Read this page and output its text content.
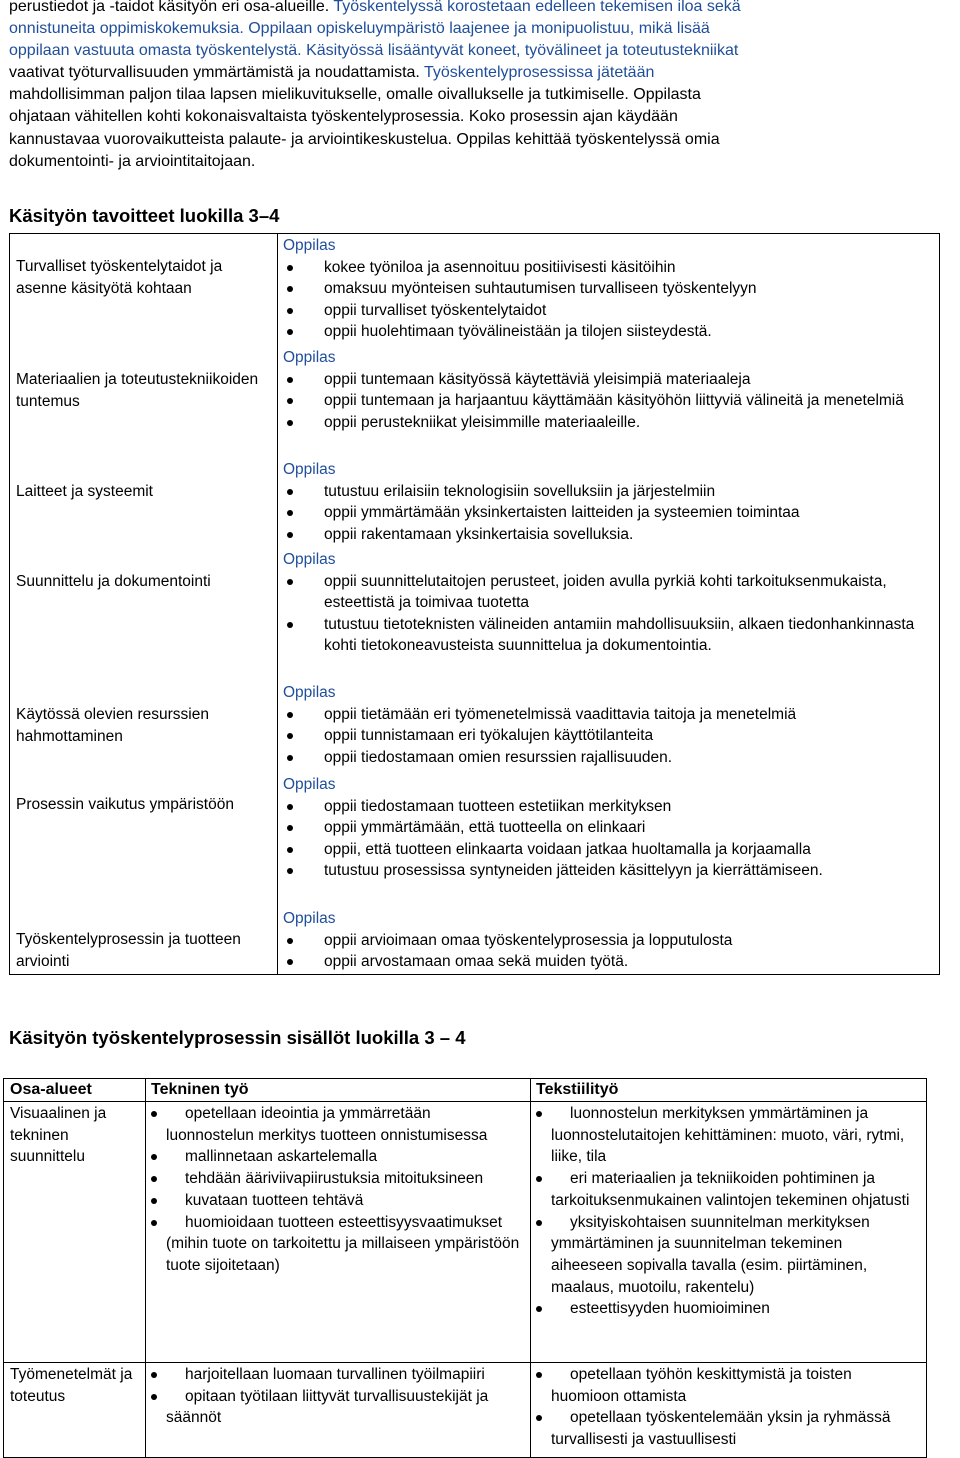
perustiedot ja -taidot käsityön eri osa-alueille. Työskentelyssä korostetaan edelleen tekemisen iloa sekä
onnistuneita oppimiskokemuksia. Oppilaan opiskeluympäristö laajenee ja monipuolistuu, mikä lisää
oppilaan vastuuta omasta työskentelystä. Käsityössä lisääntyvät koneet, työvälineet ja toteutustekniikat
vaativat työturvallisuuden ymmärtämistä ja noudattamista. Työskentelyprosessissa jätetään
mahdollisimman paljon tilaa lapsen mielikuvitukselle, omalle oivallukselle ja tutkimiselle. Oppilasta
ohjataan vähitellen kohti kokonaisvaltaista työskentelyprosessia. Koko prosessin ajan käydään
kannustavaa vuorovaikutteista palaute- ja arviointikeskustelua. Oppilas kehittää työskentelyssä omia
dokumentointi- ja arviointitaitojaan.
Käsityön tavoitteet luokilla 3–4
Turvalliset työskentelytaidot ja asenne käsityötä kohtaan
Oppilas
kokee työniloa ja asennoituu positiivisesti käsitöihin
omaksuu myönteisen suhtautumisen turvalliseen työskentelyyn
oppii turvalliset työskentelytaidot
oppii huolehtimaan työvälineistään ja tilojen siisteydestä.
Materiaalien ja toteutustekniikoiden tuntemus
Oppilas
oppii tuntemaan käsityössä käytettäviä yleisimpiä materiaaleja
oppii tuntemaan ja harjaantuu käyttämään käsityöhön liittyviä välineitä ja menetelmiä
oppii perustekniikat yleisimmille materiaaleille.
Laitteet ja systeemit
Oppilas
tutustuu erilaisiin teknologisiin sovelluksiin ja järjestelmiin
oppii ymmärtämään yksinkertaisten laitteiden ja systeemien toimintaa
oppii rakentamaan yksinkertaisia sovelluksia.
Suunnittelu ja dokumentointi
Oppilas
oppii suunnittelutaitojen perusteet, joiden avulla pyrkiä kohti tarkoituksenmukaista, esteettistä ja toimivaa tuotetta
tutustuu tietoteknisten välineiden antamiin mahdollisuuksiin, alkaen tiedonhankinnasta kohti tietokoneavusteista suunnittelua ja dokumentointia.
Käytössä olevien resurssien hahmottaminen
Oppilas
oppii tietämään eri työmenetelmissä vaadittavia taitoja ja menetelmiä
oppii tunnistamaan eri työkalujen käyttötilanteita
oppii tiedostamaan omien resurssien rajallisuuden.
Prosessin vaikutus ympäristöön
Oppilas
oppii tiedostamaan tuotteen estetiikan merkityksen
oppii ymmärtämään, että tuotteella on elinkaari
oppii, että tuotteen elinkaarta voidaan jatkaa huoltamalla ja korjaamalla
tutustuu prosessissa syntyneiden jätteiden käsittelyyn ja kierrättämiseen.
Työskentelyprosessin ja tuotteen arviointi
Oppilas
oppii arvioimaan omaa työskentelyprosessia ja lopputulosta
oppii arvostamaan omaa sekä muiden työtä.
Käsityön työskentelyprosessin sisällöt luokilla 3 – 4
Osa-alueet	Tekninen työ	Tekstiilityö
Visuaalinen ja tekninen suunnittelu
opetellaan ideointia ja ymmärretään luonnostelun merkitys tuotteen onnistumisessa
mallinnetaan askartelemalla
tehdään ääriviivapiirustuksia mitoituksineen
kuvataan tuotteen tehtävä
huomioidaan tuotteen esteettisyysvaatimukset (mihin tuote on tarkoitettu ja millaiseen ympäristöön tuote sijoitetaan)
luonnostelun merkityksen ymmärtäminen ja luonnostelutaitojen kehittäminen: muoto, väri, rytmi, liike, tila
eri materiaalien ja tekniikoiden pohtiminen ja tarkoituksenmukainen valintojen tekeminen ohjatusti
yksityiskohtaisen suunnitelman merkityksen ymmärtäminen ja suunnitelman tekeminen aiheeseen sopivalla tavalla (esim. piirtäminen, maalaus, muotoilu, rakentelu)
esteettisyyden huomioiminen
Työmenetelmät ja toteutus
harjoitellaan luomaan turvallinen työilmapiiri
opitaan työtilaan liittyvät turvallisuustekijät ja säännöt
opetellaan työhön keskittymistä ja toisten huomioon ottamista
opetellaan työskentelemään yksin ja ryhmässä turvallisesti ja vastuullisesti
